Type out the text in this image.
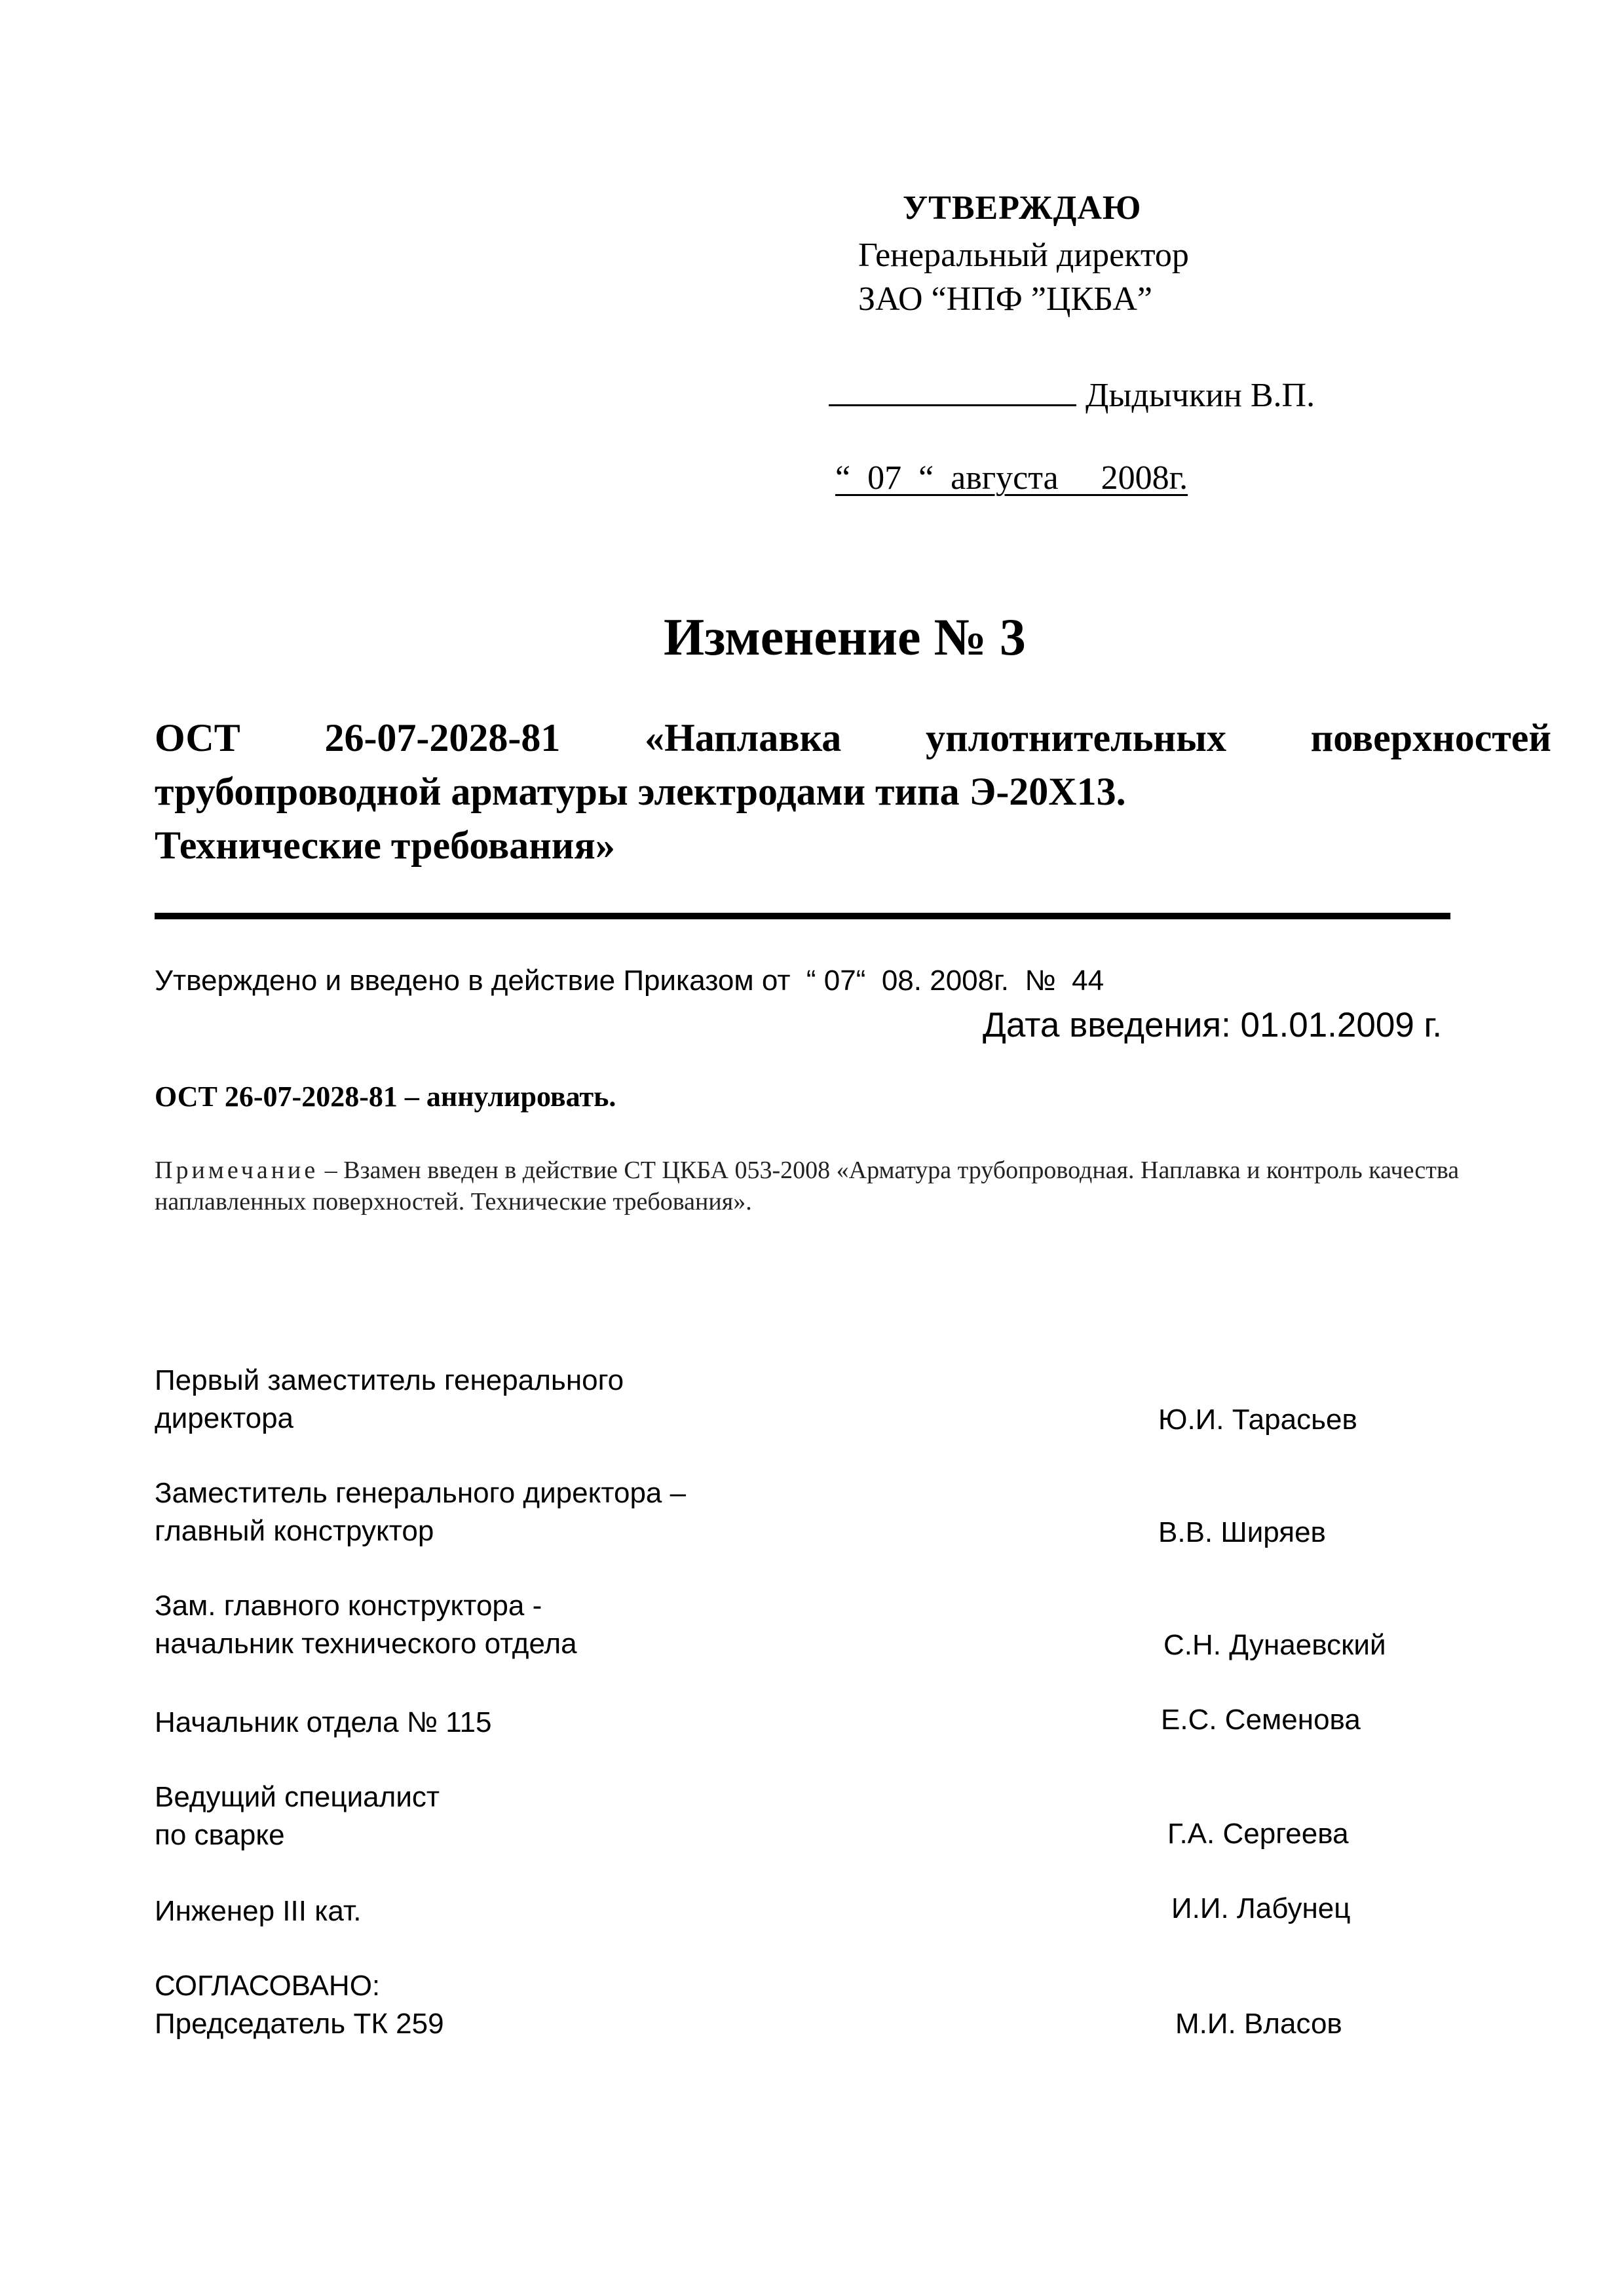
УТВЕРЖДАЮ
Генеральный директор
ЗАО “НПФ ”ЦКБА”
Дыдычкин В.П.
“  07  “  августа     2008г.
Изменение № 3
ОСТ 26-07-2028-81 «Наплавка уплотнительных поверхностей
трубопроводной арматуры электродами типа Э-20Х13.
Технические требования»
Утверждено и введено в действие Приказом от  “ 07“  08. 2008г.  №  44
Дата введения: 01.01.2009 г.
ОСТ 26-07-2028-81 – аннулировать.
Примечание – Взамен введен в действие СТ ЦКБА 053-2008 «Арматура трубопроводная. Наплавка и контроль качества наплавленных поверхностей. Технические требования».
Первый заместитель генерального
директора	Ю.И. Тарасьев
Заместитель генерального директора –
главный конструктор	В.В. Ширяев
Зам. главного конструктора -
начальник технического отдела	С.Н. Дунаевский
Начальник отдела № 115	Е.С. Семенова
Ведущий специалист
по сварке	Г.А. Сергеева
Инженер III кат.	И.И. Лабунец
СОГЛАСОВАНО:
Председатель ТК 259	М.И. Власов
